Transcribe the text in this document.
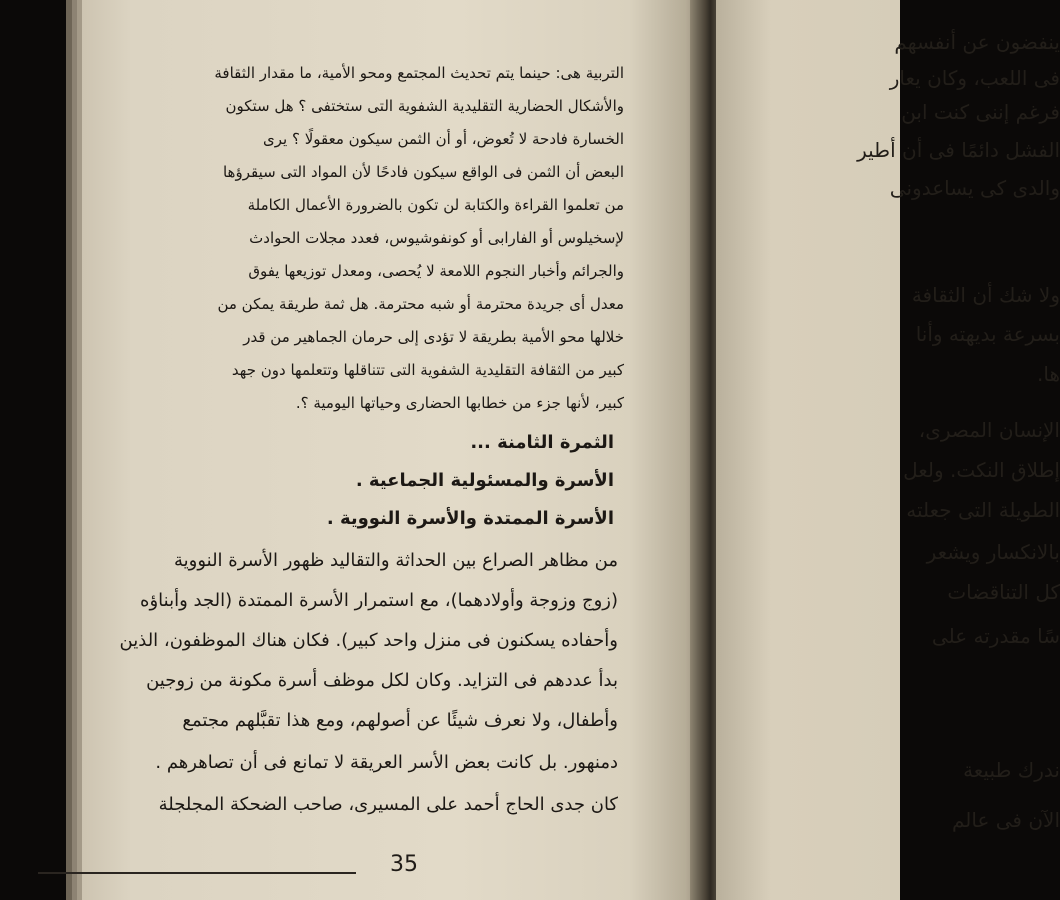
التربية هى: حينما يتم تحديث المجتمع ومحو الأمية، ما مقدار الثقافة
والأشكال الحضارية التقليدية الشفوية التى ستختفى ؟ هل ستكون
الخسارة فادحة لا تُعوض، أو أن الثمن سيكون معقولًا ؟ يرى
البعض أن الثمن فى الواقع سيكون فادحًا لأن المواد التى سيقرؤها
من تعلموا القراءة والكتابة لن تكون بالضرورة الأعمال الكاملة
لإسخيلوس أو الفارابى أو كونفوشيوس، فعدد مجلات الحوادث
والجرائم وأخبار النجوم اللامعة لا يُحصى، ومعدل توزيعها يفوق
معدل أى جريدة محترمة أو شبه محترمة. هل ثمة طريقة يمكن من
خلالها محو الأمية بطريقة لا تؤدى إلى حرمان الجماهير من قدر
كبير من الثقافة التقليدية الشفوية التى تتناقلها وتتعلمها دون جهد
كبير، لأنها جزء من خطابها الحضارى وحياتها اليومية ؟.
الثمرة الثامنة ...
الأسرة والمسئولية الجماعية .
الأسرة الممتدة والأسرة النووية .
من مظاهر الصراع بين الحداثة والتقاليد ظهور الأسرة النووية
(زوج وزوجة وأولادهما)، مع استمرار الأسرة الممتدة (الجد وأبناؤه
وأحفاده يسكنون فى منزل واحد كبير). فكان هناك الموظفون، الذين
بدأ عددهم فى التزايد. وكان لكل موظف أسرة مكونة من زوجين
وأطفال، ولا نعرف شيئًا عن أصولهم، ومع هذا تقبَّلهم مجتمع
دمنهور. بل كانت بعض الأسر العريقة لا تمانع فى أن تصاهرهم .
كان جدى الحاج أحمد على المسيرى، صاحب الضحكة المجلجلة
35
ينفضون عن أنفسهم
فى اللعب، وكان يعار
فرغم إننى كنت ابن
الفشل دائمًا فى أن أطير
والدى كى يساعدونى
ولا شك أن الثقافة
بسرعة بديهته وأنا
ها.
الإنسان المصرى،
إطلاق النكت. ولعل
الطويلة التى جعلته
بالانكسار ويشعر
كل التناقضات
سًا مقدرته على
ندرك طبيعة
الآن فى عالم
